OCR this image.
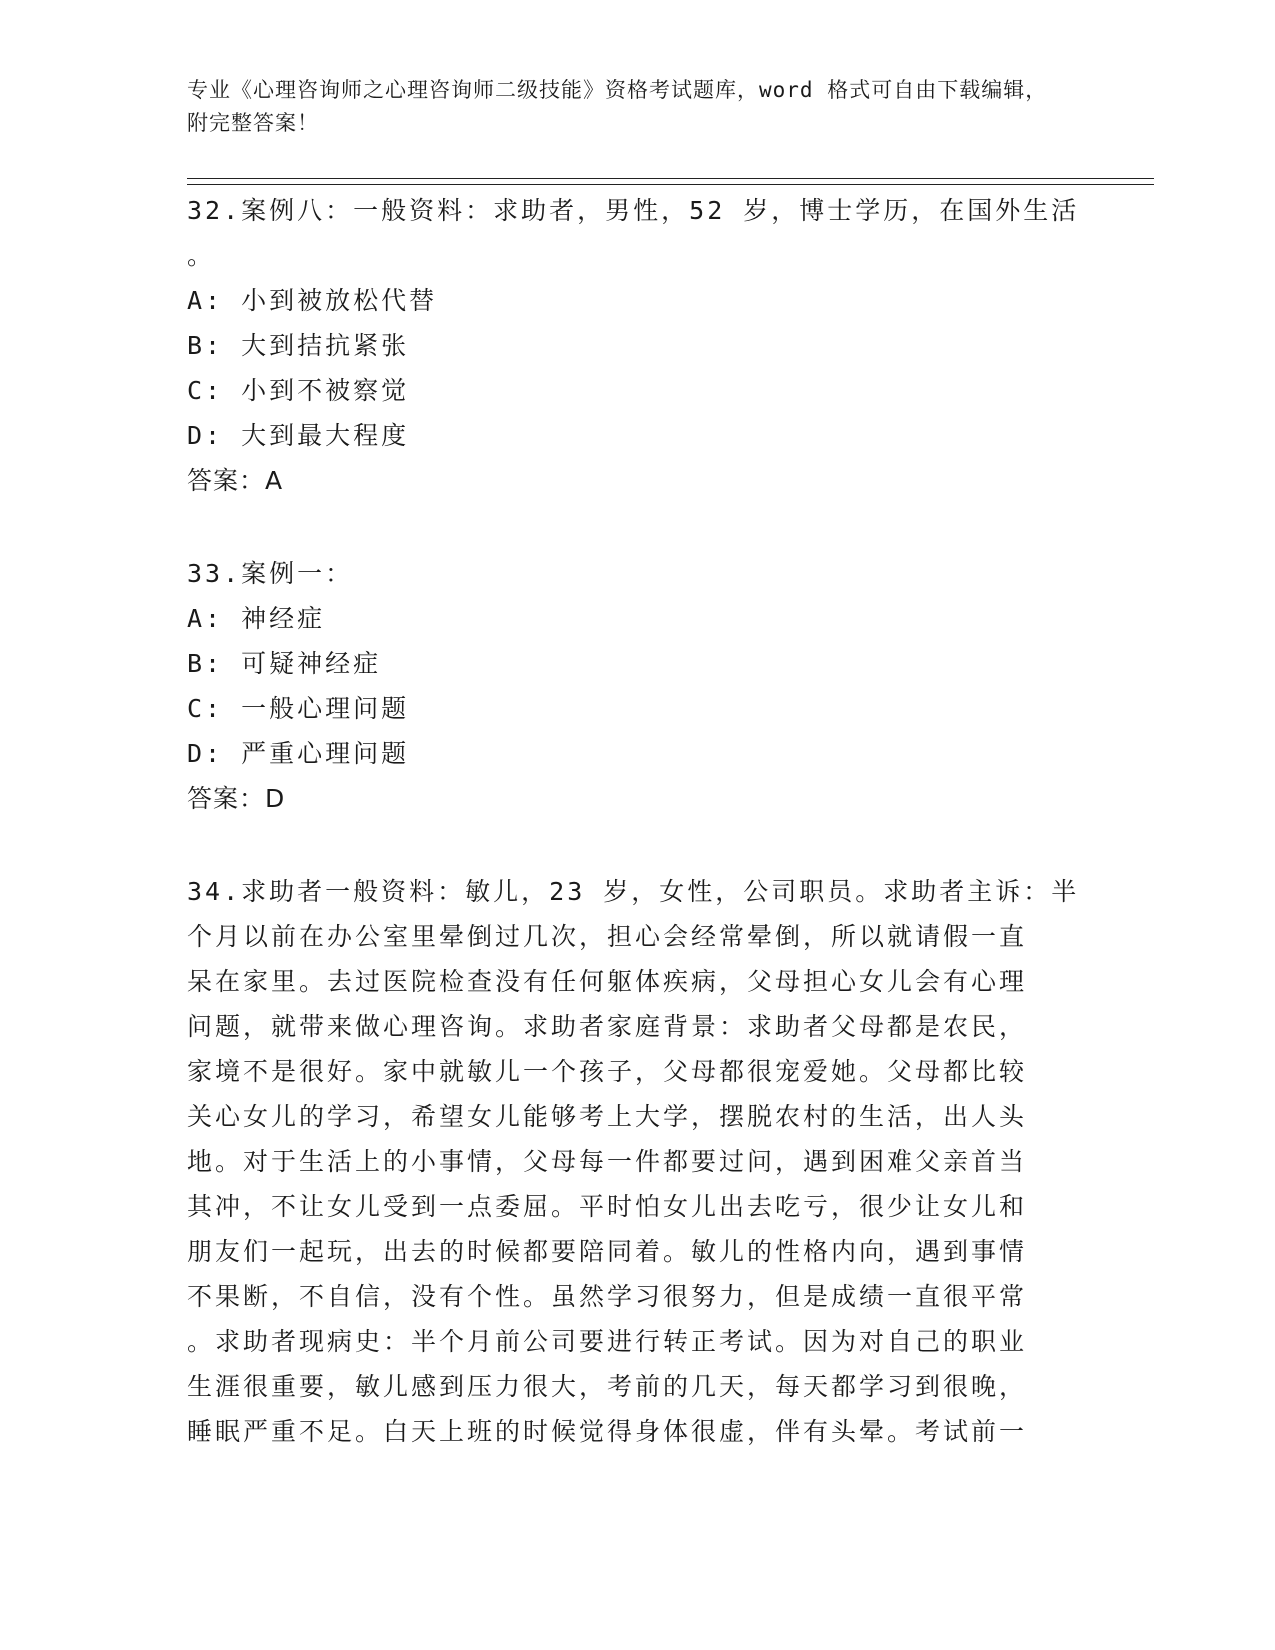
专业《心理咨询师之心理咨询师二级技能》资格考试题库，word 格式可自由下载编辑，附完整答案！
32.案例八：一般资料：求助者，男性，52 岁，博士学历，在国外生活
。
A: 小到被放松代替
B: 大到拮抗紧张
C: 小到不被察觉
D: 大到最大程度
答案：A
33.案例一：
A: 神经症
B: 可疑神经症
C: 一般心理问题
D: 严重心理问题
答案：D
34.求助者一般资料：敏儿，23 岁，女性，公司职员。求助者主诉：半
个月以前在办公室里晕倒过几次，担心会经常晕倒，所以就请假一直
呆在家里。去过医院检查没有任何躯体疾病，父母担心女儿会有心理
问题，就带来做心理咨询。求助者家庭背景：求助者父母都是农民，
家境不是很好。家中就敏儿一个孩子，父母都很宠爱她。父母都比较
关心女儿的学习，希望女儿能够考上大学，摆脱农村的生活，出人头
地。对于生活上的小事情，父母每一件都要过问，遇到困难父亲首当
其冲，不让女儿受到一点委屈。平时怕女儿出去吃亏，很少让女儿和
朋友们一起玩，出去的时候都要陪同着。敏儿的性格内向，遇到事情
不果断，不自信，没有个性。虽然学习很努力，但是成绩一直很平常
。求助者现病史：半个月前公司要进行转正考试。因为对自己的职业
生涯很重要，敏儿感到压力很大，考前的几天，每天都学习到很晚，
睡眠严重不足。白天上班的时候觉得身体很虚，伴有头晕。考试前一
